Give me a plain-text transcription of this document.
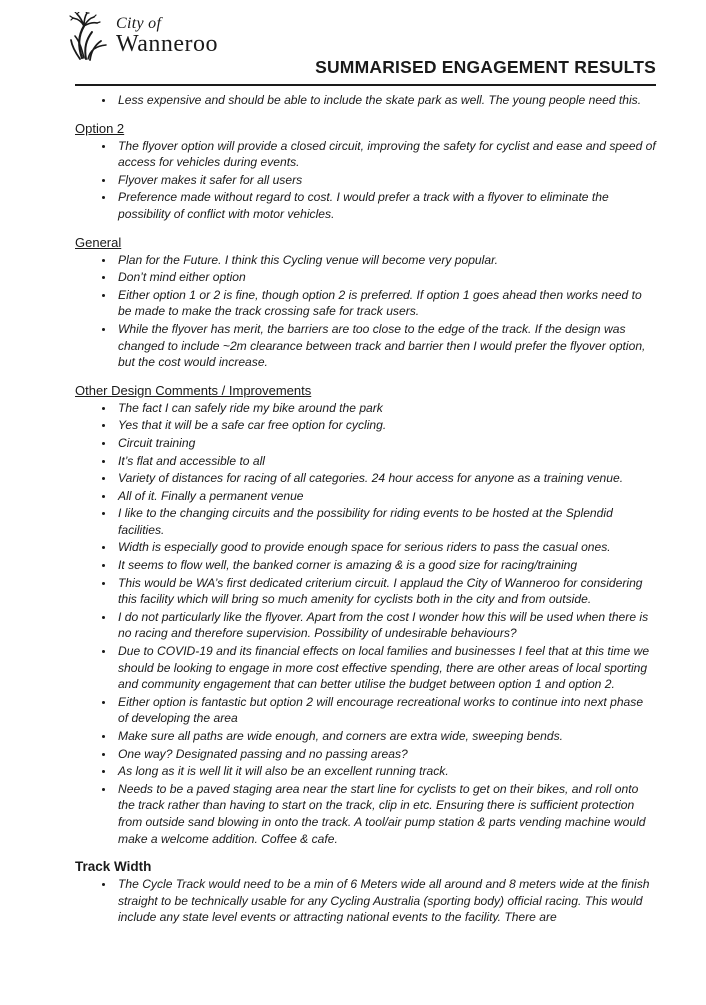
City of
Wanneroo
SUMMARISED ENGAGEMENT RESULTS
• Less expensive and should be able to include the skate park as well. The young people need this.
Option 2
• The flyover option will provide a closed circuit, improving the safety for cyclist and ease and speed of access for vehicles during events.
• Flyover makes it safer for all users
• Preference made without regard to cost. I would prefer a track with a flyover to eliminate the possibility of conflict with motor vehicles.
General
• Plan for the Future. I think this Cycling venue will become very popular.
• Don’t mind either option
• Either option 1 or 2 is fine, though option 2 is preferred. If option 1 goes ahead then works need to be made to make the track crossing safe for track users.
• While the flyover has merit, the barriers are too close to the edge of the track. If the design was changed to include ~2m clearance between track and barrier then I would prefer the flyover option, but the cost would increase.
Other Design Comments / Improvements
• The fact I can safely ride my bike around the park
• Yes that it will be a safe car free option for cycling.
• Circuit training
• It’s flat and accessible to all
• Variety of distances for racing of all categories. 24 hour access for anyone as a training venue.
• All of it. Finally a permanent venue
• I like to the changing circuits and the possibility for riding events to be hosted at the Splendid facilities.
• Width is especially good to provide enough space for serious riders to pass the casual ones.
• It seems to flow well, the banked corner is amazing & is a good size for racing/training
• This would be WA’s first dedicated criterium circuit. I applaud the City of Wanneroo for considering this facility which will bring so much amenity for cyclists both in the city and from outside.
• I do not particularly like the flyover. Apart from the cost I wonder how this will be used when there is no racing and therefore supervision. Possibility of undesirable behaviours?
• Due to COVID-19 and its financial effects on local families and businesses I feel that at this time we should be looking to engage in more cost effective spending, there are other areas of local sporting and community engagement that can better utilise the budget between option 1 and option 2.
• Either option is fantastic but option 2 will encourage recreational works to continue into next phase of developing the area
• Make sure all paths are wide enough, and corners are extra wide, sweeping bends.
• One way? Designated passing and no passing areas?
• As long as it is well lit it will also be an excellent running track.
• Needs to be a paved staging area near the start line for cyclists to get on their bikes, and roll onto the track rather than having to start on the track, clip in etc. Ensuring there is sufficient protection from outside sand blowing in onto the track. A tool/air pump station & parts vending machine would make a welcome addition. Coffee & cafe.
Track Width
• The Cycle Track would need to be a min of 6 Meters wide all around and 8 meters wide at the finish straight to be technically usable for any Cycling Australia (sporting body) official racing. This would include any state level events or attracting national events to the facility. There are
